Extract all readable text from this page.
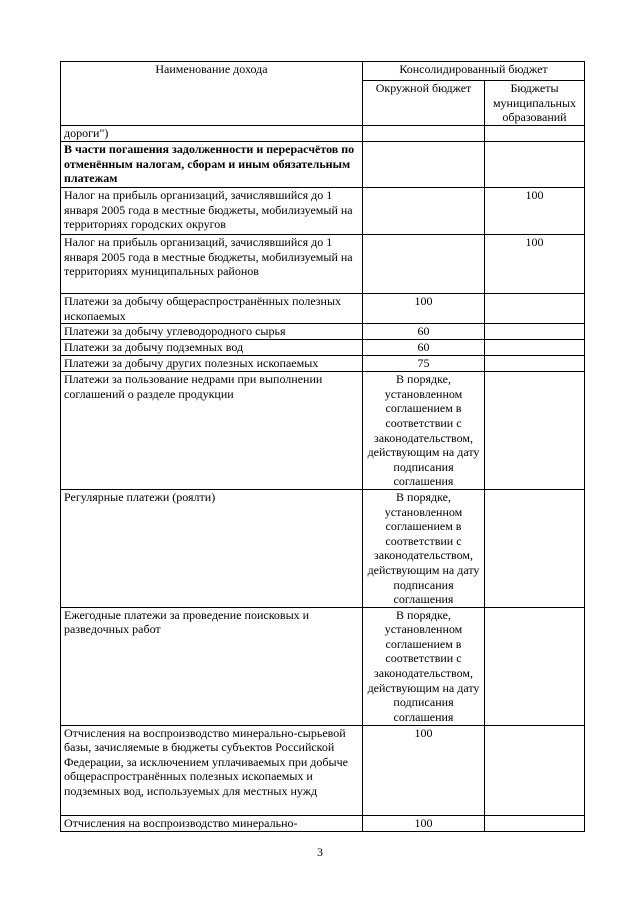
Наименование дохода	Консолидированный бюджет	
	Окружной бюджет	Бюджеты муниципальных образований
дороги")		
В части погашения задолженности и перерасчётов по отменённым налогам, сборам и иным обязательным платежам		
Налог на прибыль организаций, зачислявшийся до 1 января 2005 года в местные бюджеты, мобилизуемый на территориях городских округов		100
Налог на прибыль организаций, зачислявшийся до 1 января 2005 года в местные бюджеты, мобилизуемый на территориях муниципальных районов		100
Платежи за добычу общераспространённых полезных ископаемых	100	
Платежи за добычу углеводородного сырья	60	
Платежи за добычу подземных вод	60	
Платежи за добычу других полезных ископаемых	75	
Платежи за пользование недрами при выполнении соглашений о разделе продукции	В порядке, установленном соглашением в соответствии с законодательством, действующим на дату подписания соглашения	
Регулярные платежи (роялти)	В порядке, установленном соглашением в соответствии с законодательством, действующим на дату подписания соглашения	
Ежегодные платежи за проведение поисковых и разведочных работ	В порядке, установленном соглашением в соответствии с законодательством, действующим на дату подписания соглашения	
Отчисления на воспроизводство минерально-сырьевой базы, зачисляемые в бюджеты субъектов Российской Федерации, за исключением уплачиваемых при добыче общераспространённых полезных ископаемых и подземных вод, используемых для местных нужд	100	
Отчисления на воспроизводство минерально-	100	
3
